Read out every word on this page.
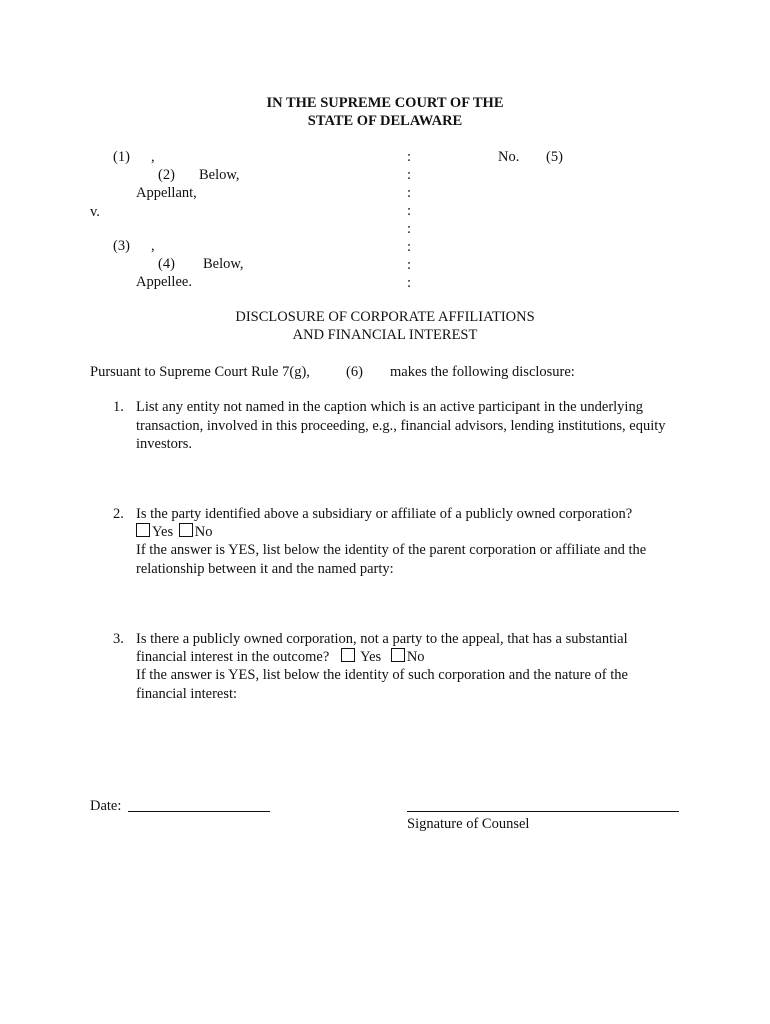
IN THE SUPREME COURT OF THE
STATE OF DELAWARE
(1) ,
(2) Below,
Appellant,
v.
(3) ,
(4) Below,
Appellee.
:
:
:
:
:
:
:
:
No. (5)
DISCLOSURE OF CORPORATE AFFILIATIONS
AND FINANCIAL INTEREST
Pursuant to Supreme Court Rule 7(g), (6) makes the following disclosure:
1. List any entity not named in the caption which is an active participant in the underlying transaction, involved in this proceeding, e.g., financial advisors, lending institutions, equity investors.
2. Is the party identified above a subsidiary or affiliate of a publicly owned corporation?
Yes No
If the answer is YES, list below the identity of the parent corporation or affiliate and the relationship between it and the named party:
3. Is there a publicly owned corporation, not a party to the appeal, that has a substantial financial interest in the outcome?	Yes No
If the answer is YES, list below the identity of such corporation and the nature of the financial interest:
Date:
Signature of Counsel
